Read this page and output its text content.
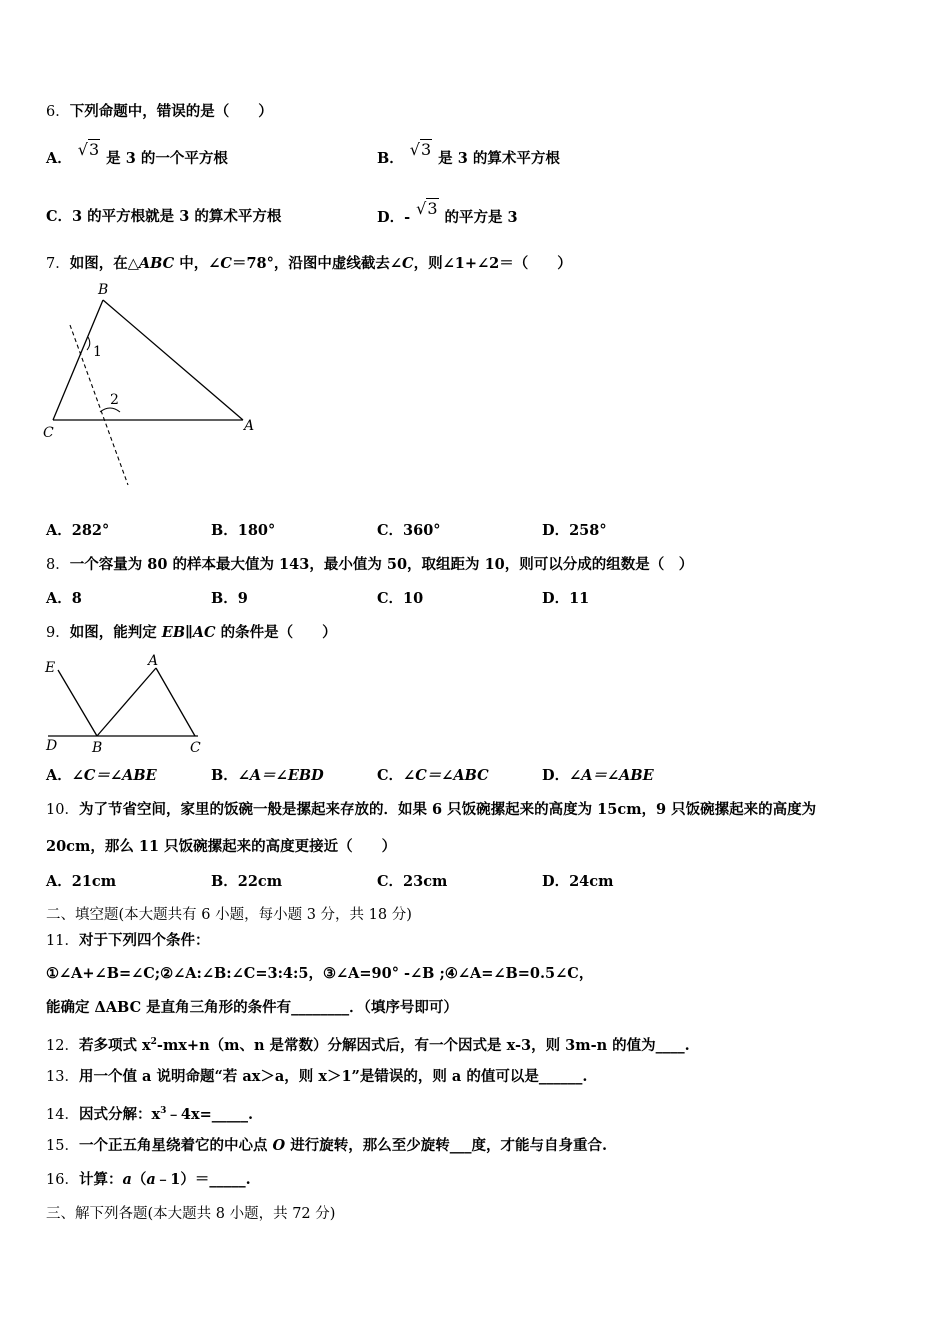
6．下列命题中，错误的是（　　）
A． √3 是 3 的一个平方根	B． √3 是 3 的算术平方根
C．3 的平方根就是 3 的算术平方根	D．- √3 的平方是 3
7．如图，在△ABC 中，∠C＝78°，沿图中虚线截去∠C，则∠1+∠2＝（　　）
B
1
2
C	A
A．282°	B．180°	C．360°	D．258°
8．一个容量为 80 的样本最大值为 143，最小值为 50，取组距为 10，则可以分成的组数是（　）
A．8	B．9	C．10	D．11
9．如图，能判定 EB∥AC 的条件是（　　）
E	A
D B	C
A．∠C＝∠ABE	B．∠A＝∠EBD	C．∠C＝∠ABC	D．∠A＝∠ABE
10．为了节省空间，家里的饭碗一般是摞起来存放的．如果 6 只饭碗摞起来的高度为 15cm，9 只饭碗摞起来的高度为
20cm，那么 11 只饭碗摞起来的高度更接近（　　）
A．21cm	B．22cm	C．23cm	D．24cm
二、填空题(本大题共有 6 小题，每小题 3 分，共 18 分)
11．对于下列四个条件：
①∠A+∠B=∠C;②∠A:∠B:∠C=3:4:5，③∠A=90° -∠B ;④∠A=∠B=0.5∠C，
能确定 ΔABC 是直角三角形的条件有________．（填序号即可）
12．若多项式 $x^2-mx+n(m$、n 是常数）分解因式后，有一个因式是 x-3，则 3m-n 的值为____.
13．用一个值 a 说明命题“若 ax＞a，则 x＞1”是错误的，则 a 的值可以是______.
14．因式分解：$x^3﹣4x=\_\_\_\_\_$.
15．一个正五角星绕着它的中心点 O 进行旋转，那么至少旋转___度，才能与自身重合.
16．计算：a（a﹣1）＝_____.
三、解下列各题(本大题共 8 小题，共 72 分)
